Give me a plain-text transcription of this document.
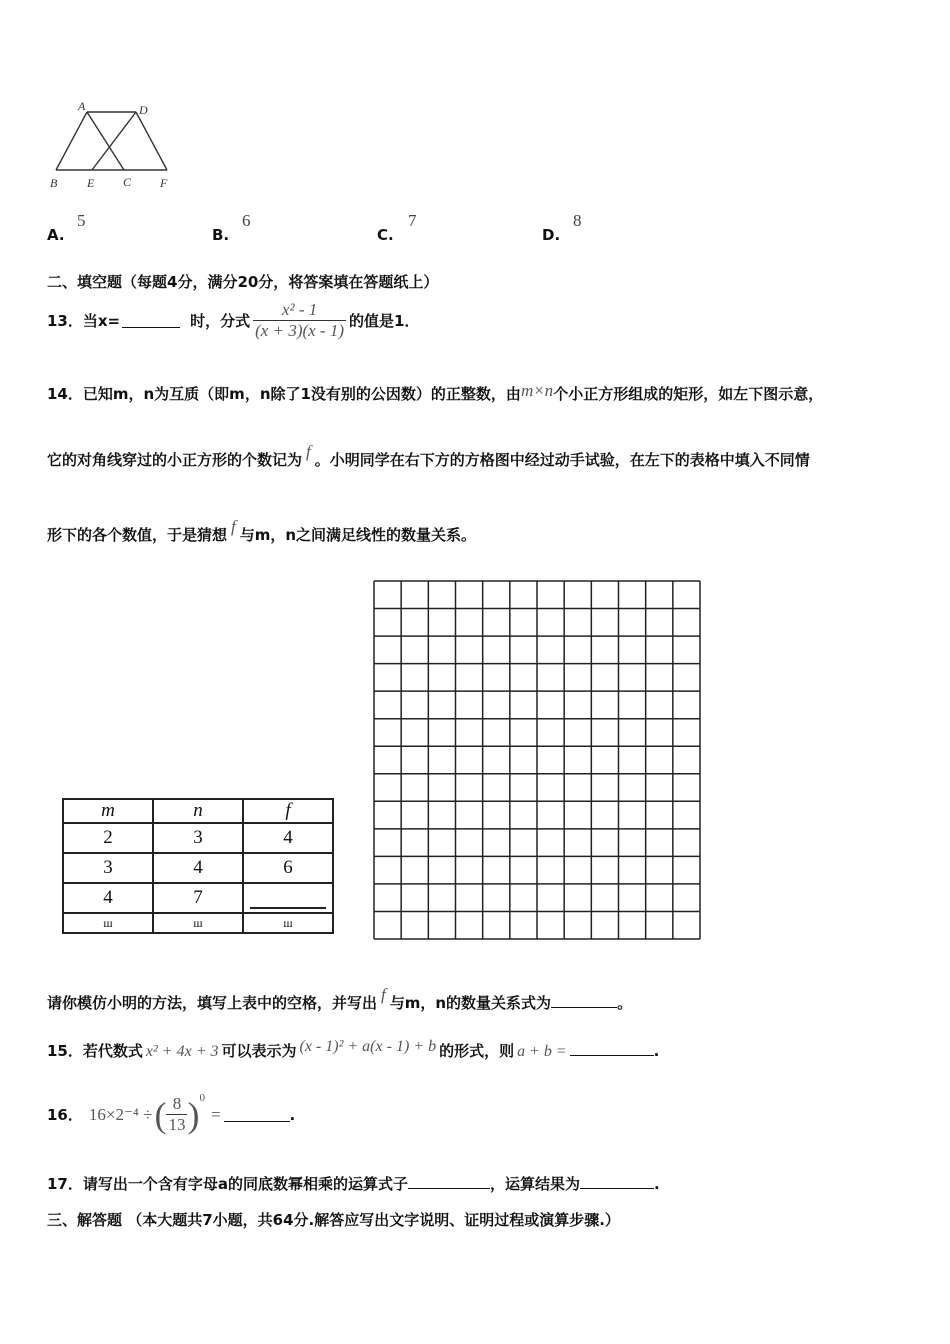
A	D
B E C F
A.
5
B.
6
C.
7
D.
8
二、填空题（每题4分，满分20分，将答案填在答题纸上）
13． 当x=	时，分式 $\frac{\text{x² - 1}}{(x + 3)(x - 1)}$ 的值是1．
14．已知m，n为互质（即m，n除了1没有别的公因数）的正整数，由m×n个小正方形组成的矩形，如左下图示意，
它的对角线穿过的小正方形的个数记为 f 。小明同学在右下方的方格图中经过动手试验，在左下的表格中填入不同情
形下的各个数值，于是猜想 f 与m，n之间满足线性的数量关系。
m	n	f
2	3	4
3	4	6
4	7	

ш	ш	ш
请你模仿小明的方法，填写上表中的空格，并写出 f 与m，n的数量关系式为	。
15．若代数式 x² + 4x + 3 可以表示为 (x - 1)² + a(x - 1) + b 的形式，则 a + b =	.
16． 16×2⁻⁴ ÷ ( $\frac{8}{13}$ ) 0
=	.
17．请写出一个含有字母a的同底数幂相乘的运算式子	，运算结果为	.
三、解答题 （本大题共7小题，共64分.解答应写出文字说明、证明过程或演算步骤.）
